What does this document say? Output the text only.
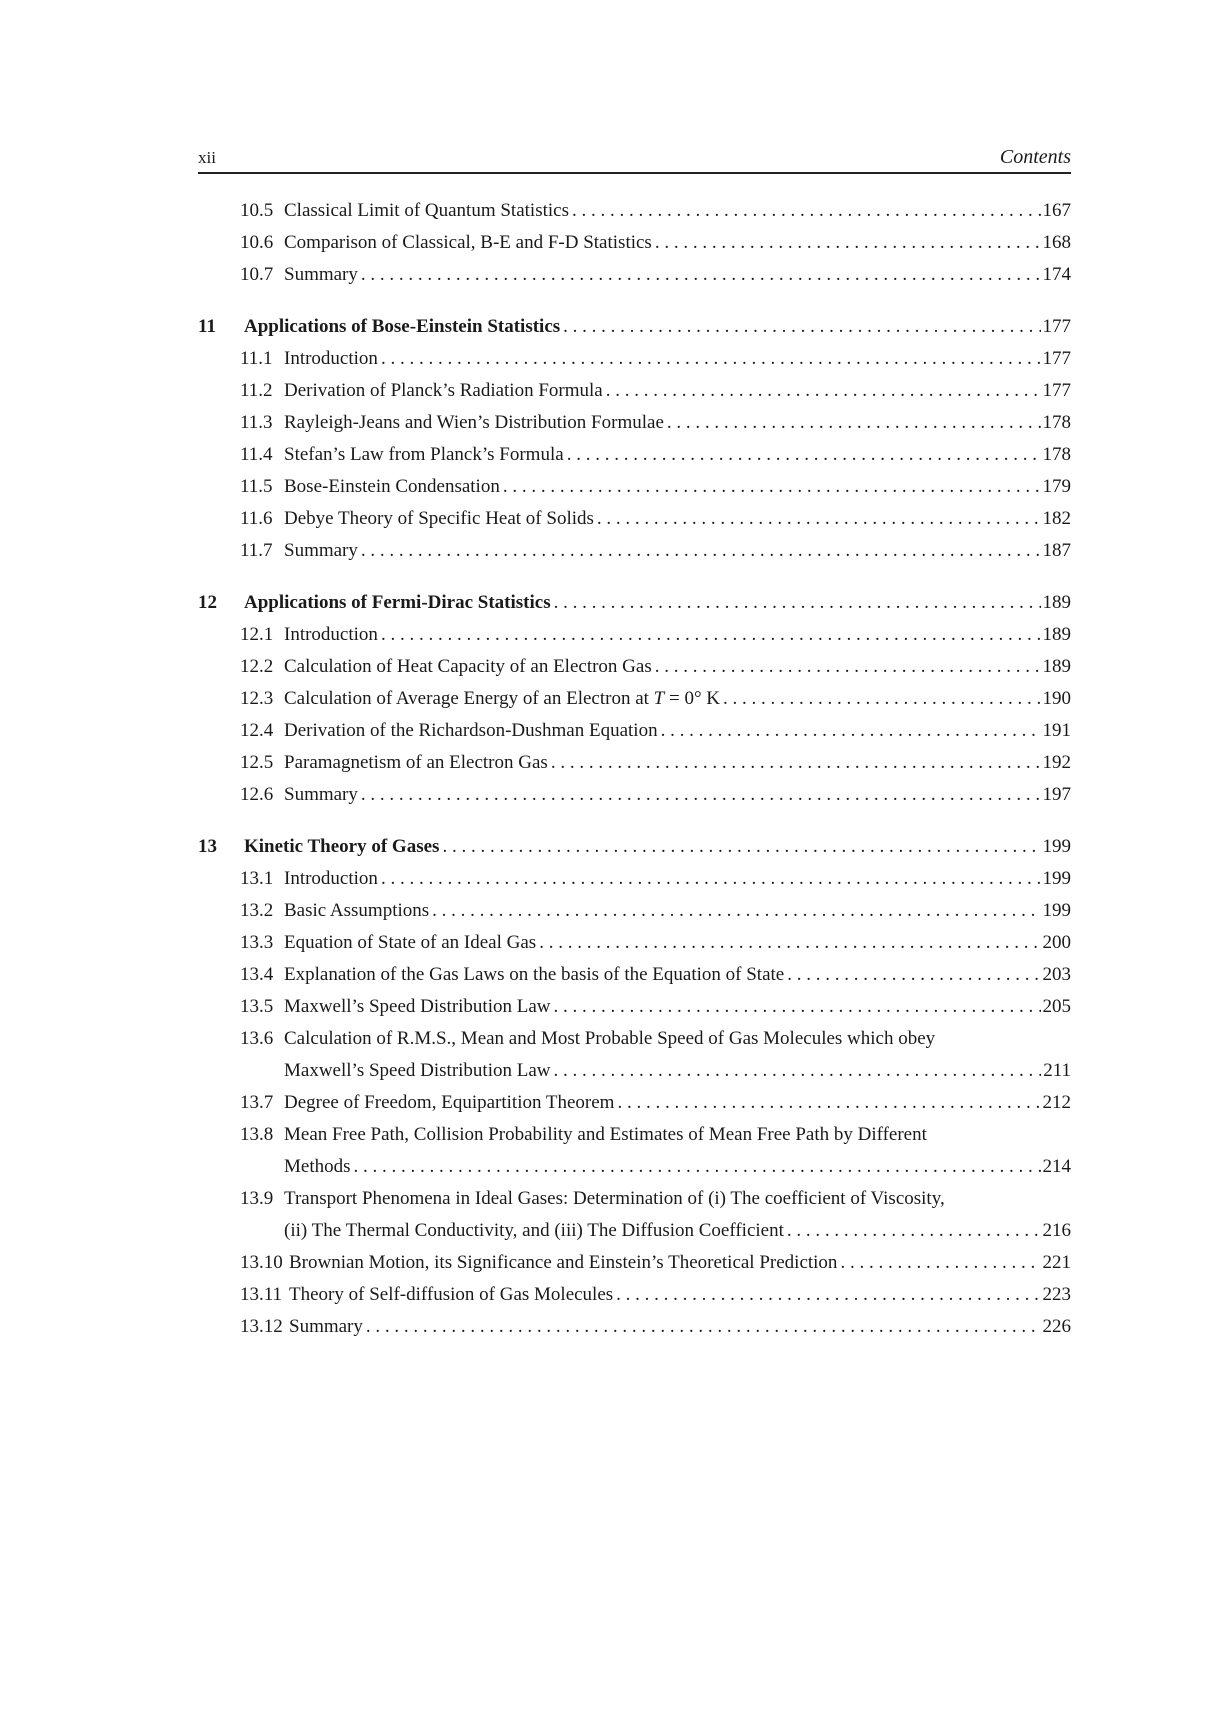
xii	Contents
10.5 Classical Limit of Quantum Statistics . . .	167
10.6 Comparison of Classical, B-E and F-D Statistics . . .	168
10.7 Summary . . .	174
11 Applications of Bose-Einstein Statistics . . .	177
11.1 Introduction . . .	177
11.2 Derivation of Planck’s Radiation Formula . . .	177
11.3 Rayleigh-Jeans and Wien’s Distribution Formulae . . .	178
11.4 Stefan’s Law from Planck’s Formula . . .	178
11.5 Bose-Einstein Condensation . . .	179
11.6 Debye Theory of Specific Heat of Solids . . .	182
11.7 Summary . . .	187
12 Applications of Fermi-Dirac Statistics . . .	189
12.1 Introduction . . .	189
12.2 Calculation of Heat Capacity of an Electron Gas . . .	189
12.3 Calculation of Average Energy of an Electron at T = 0° K . . .	190
12.4 Derivation of the Richardson-Dushman Equation . . .	191
12.5 Paramagnetism of an Electron Gas . . .	192
12.6 Summary . . .	197
13 Kinetic Theory of Gases . . .	199
13.1 Introduction . . .	199
13.2 Basic Assumptions . . .	199
13.3 Equation of State of an Ideal Gas . . .	200
13.4 Explanation of the Gas Laws on the basis of the Equation of State . . .	203
13.5 Maxwell’s Speed Distribution Law . . .	205
13.6 Calculation of R.M.S., Mean and Most Probable Speed of Gas Molecules which obey
Maxwell’s Speed Distribution Law . . .	211
13.7 Degree of Freedom, Equipartition Theorem . . .	212
13.8 Mean Free Path, Collision Probability and Estimates of Mean Free Path by Different
Methods . . .	214
13.9 Transport Phenomena in Ideal Gases: Determination of (i) The coefficient of Viscosity,
(ii) The Thermal Conductivity, and (iii) The Diffusion Coefficient . . .	216
13.10 Brownian Motion, its Significance and Einstein’s Theoretical Prediction . . .	221
13.11 Theory of Self-diffusion of Gas Molecules . . .	223
13.12 Summary . . .	226
